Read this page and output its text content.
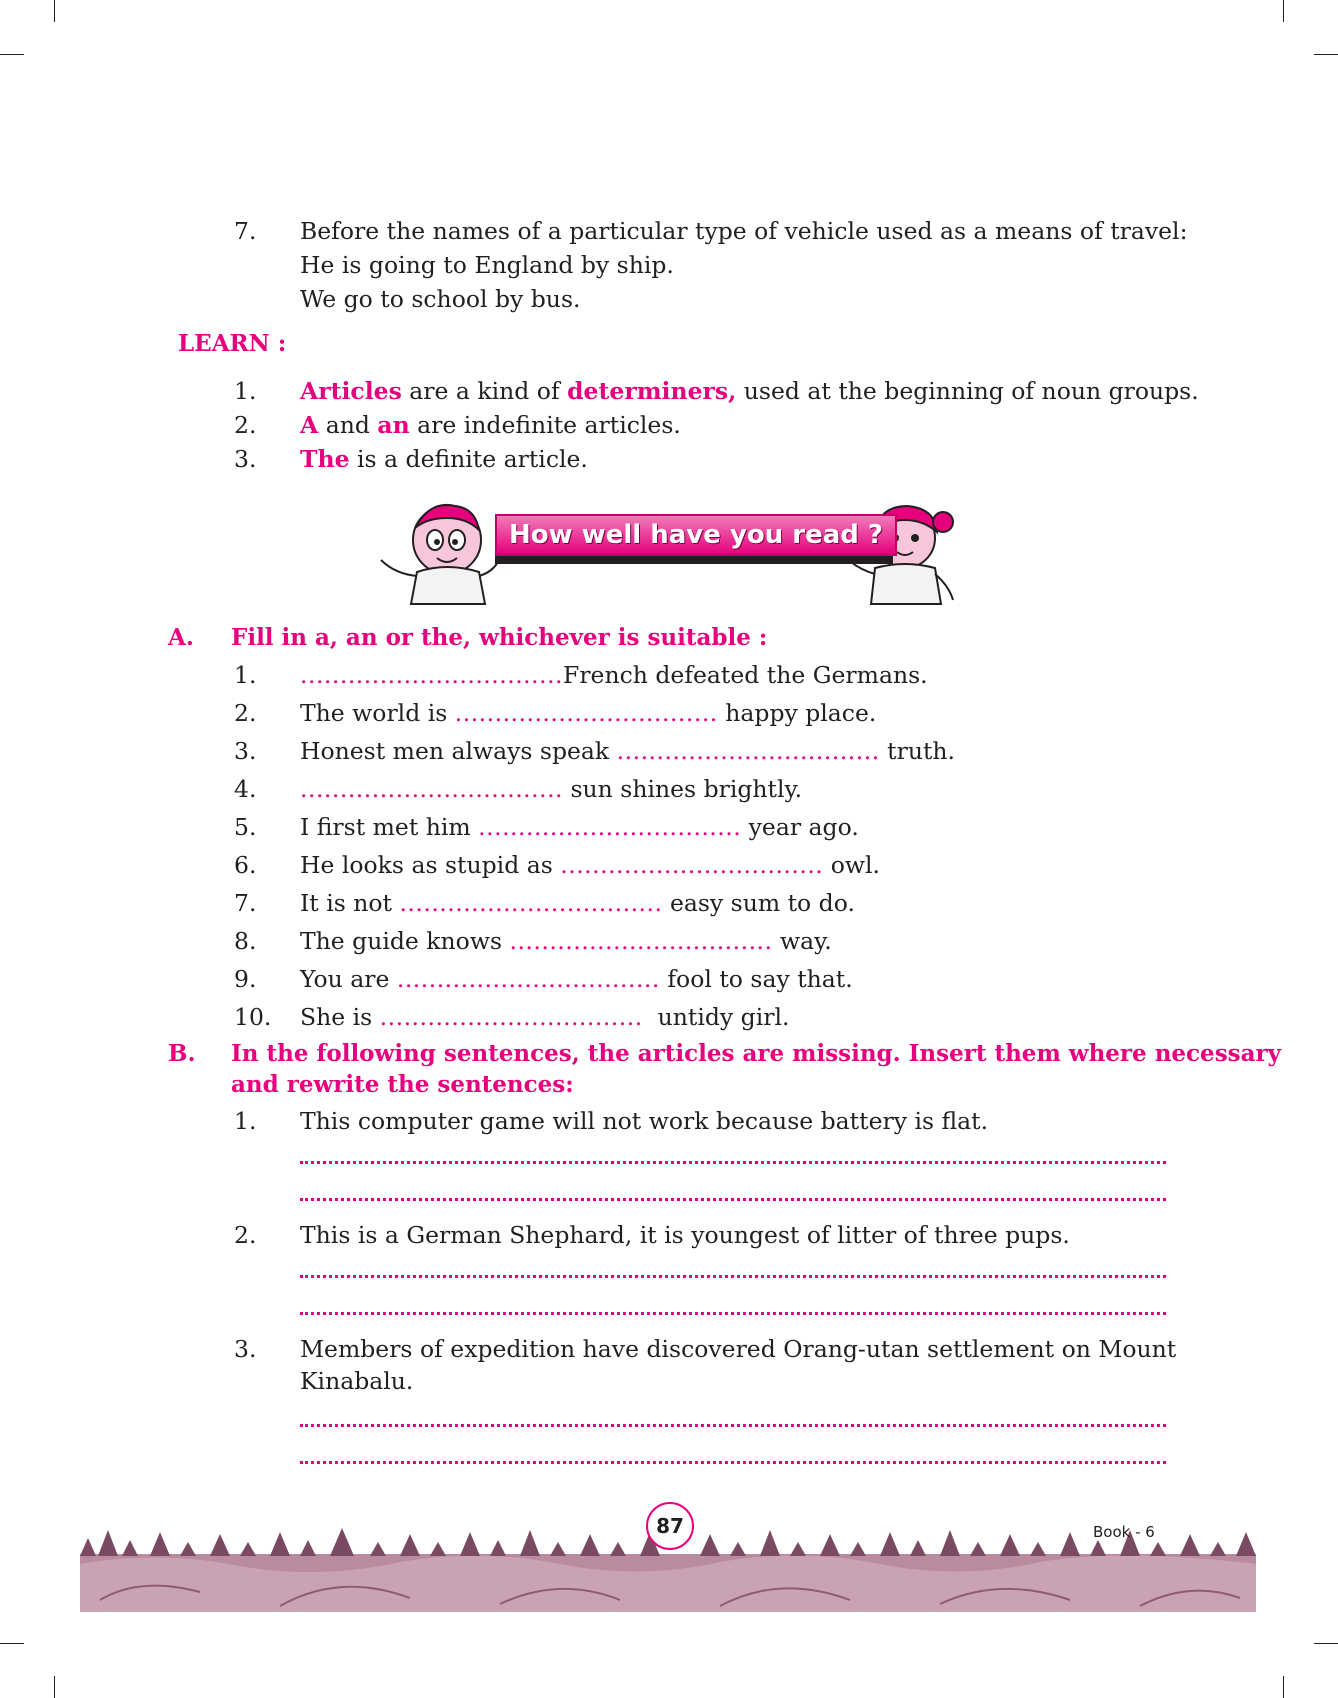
7. Before the names of a particular type of vehicle used as a means of travel:
He is going to England by ship.
We go to school by bus.
LEARN :
1. Articles are a kind of determiners, used at the beginning of noun groups.
2. A and an are indefinite articles.
3. The is a definite article.
How well have you read ?
A. Fill in a, an or the, whichever is suitable :
1. .................................French defeated the Germans.
2. The world is ................................. happy place.
3. Honest men always speak ................................. truth.
4. ................................. sun shines brightly.
5. I first met him ................................. year ago.
6. He looks as stupid as ................................. owl.
7. It is not ................................. easy sum to do.
8. The guide knows ................................. way.
9. You are ................................. fool to say that.
10. She is .................................  untidy girl.
B. In the following sentences, the articles are missing. Insert them where necessary
and rewrite the sentences:
1. This computer game will not work because battery is flat.
2. This is a German Shephard, it is youngest of litter of three pups.
3. Members of expedition have discovered Orang-utan settlement on Mount
Kinabalu.
87	Book - 6
